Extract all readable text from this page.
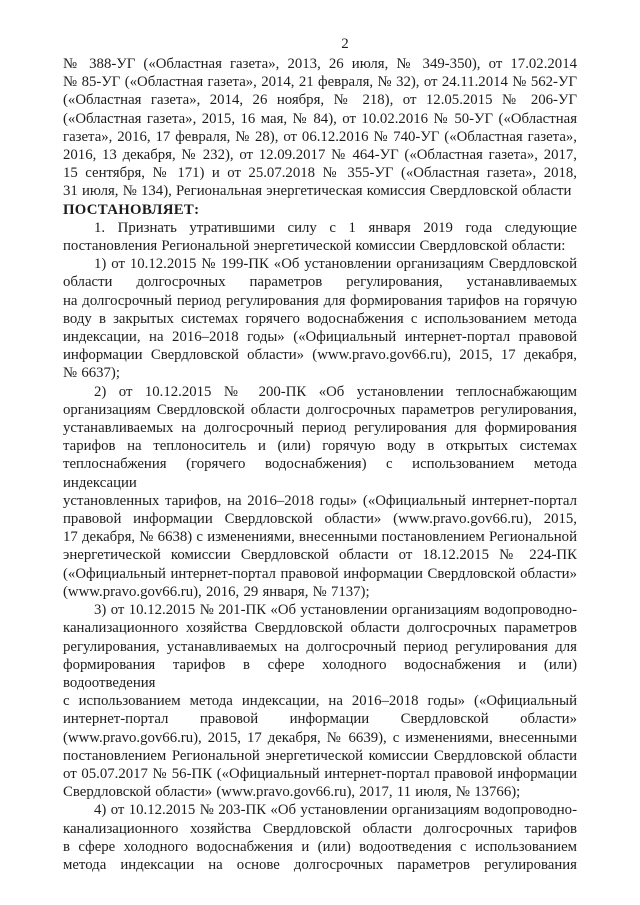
2
№ 388-УГ («Областная газета», 2013, 26 июля, № 349-350), от 17.02.2014
№ 85-УГ («Областная газета», 2014, 21 февраля, № 32), от 24.11.2014 № 562-УГ
(«Областная газета», 2014, 26 ноября, № 218), от 12.05.2015 № 206-УГ
(«Областная газета», 2015, 16 мая, № 84), от 10.02.2016 № 50-УГ («Областная
газета», 2016, 17 февраля, № 28), от 06.12.2016 № 740-УГ («Областная газета»,
2016, 13 декабря, № 232), от 12.09.2017 № 464-УГ («Областная газета», 2017,
15 сентября, № 171) и от 25.07.2018 № 355-УГ («Областная газета», 2018,
31 июля, № 134), Региональная энергетическая комиссия Свердловской области
ПОСТАНОВЛЯЕТ:
1. Признать утратившими силу с 1 января 2019 года следующие
постановления Региональной энергетической комиссии Свердловской области:
1) от 10.12.2015 № 199-ПК «Об установлении организациям Свердловской
области долгосрочных параметров регулирования, устанавливаемых
на долгосрочный период регулирования для формирования тарифов на горячую
воду в закрытых системах горячего водоснабжения с использованием метода
индексации, на 2016–2018 годы» («Официальный интернет-портал правовой
информации Свердловской области» (www.pravo.gov66.ru), 2015, 17 декабря,
№ 6637);
2) от 10.12.2015 № 200-ПК «Об установлении теплоснабжающим
организациям Свердловской области долгосрочных параметров регулирования,
устанавливаемых на долгосрочный период регулирования для формирования
тарифов на теплоноситель и (или) горячую воду в открытых системах
теплоснабжения (горячего водоснабжения) с использованием метода индексации
установленных тарифов, на 2016–2018 годы» («Официальный интернет-портал
правовой информации Свердловской области» (www.pravo.gov66.ru), 2015,
17 декабря, № 6638) с изменениями, внесенными постановлением Региональной
энергетической комиссии Свердловской области от 18.12.2015 № 224-ПК
(«Официальный интернет-портал правовой информации Свердловской области»
(www.pravo.gov66.ru), 2016, 29 января, № 7137);
3) от 10.12.2015 № 201-ПК «Об установлении организациям водопроводно-
канализационного хозяйства Свердловской области долгосрочных параметров
регулирования, устанавливаемых на долгосрочный период регулирования для
формирования тарифов в сфере холодного водоснабжения и (или) водоотведения
с использованием метода индексации, на 2016–2018 годы» («Официальный
интернет-портал правовой информации Свердловской области»
(www.pravo.gov66.ru), 2015, 17 декабря, № 6639), с изменениями, внесенными
постановлением Региональной энергетической комиссии Свердловской области
от 05.07.2017 № 56-ПК («Официальный интернет-портал правовой информации
Свердловской области» (www.pravo.gov66.ru), 2017, 11 июля, № 13766);
4) от 10.12.2015 № 203-ПК «Об установлении организациям водопроводно-
канализационного хозяйства Свердловской области долгосрочных тарифов
в сфере холодного водоснабжения и (или) водоотведения с использованием
метода индексации на основе долгосрочных параметров регулирования
